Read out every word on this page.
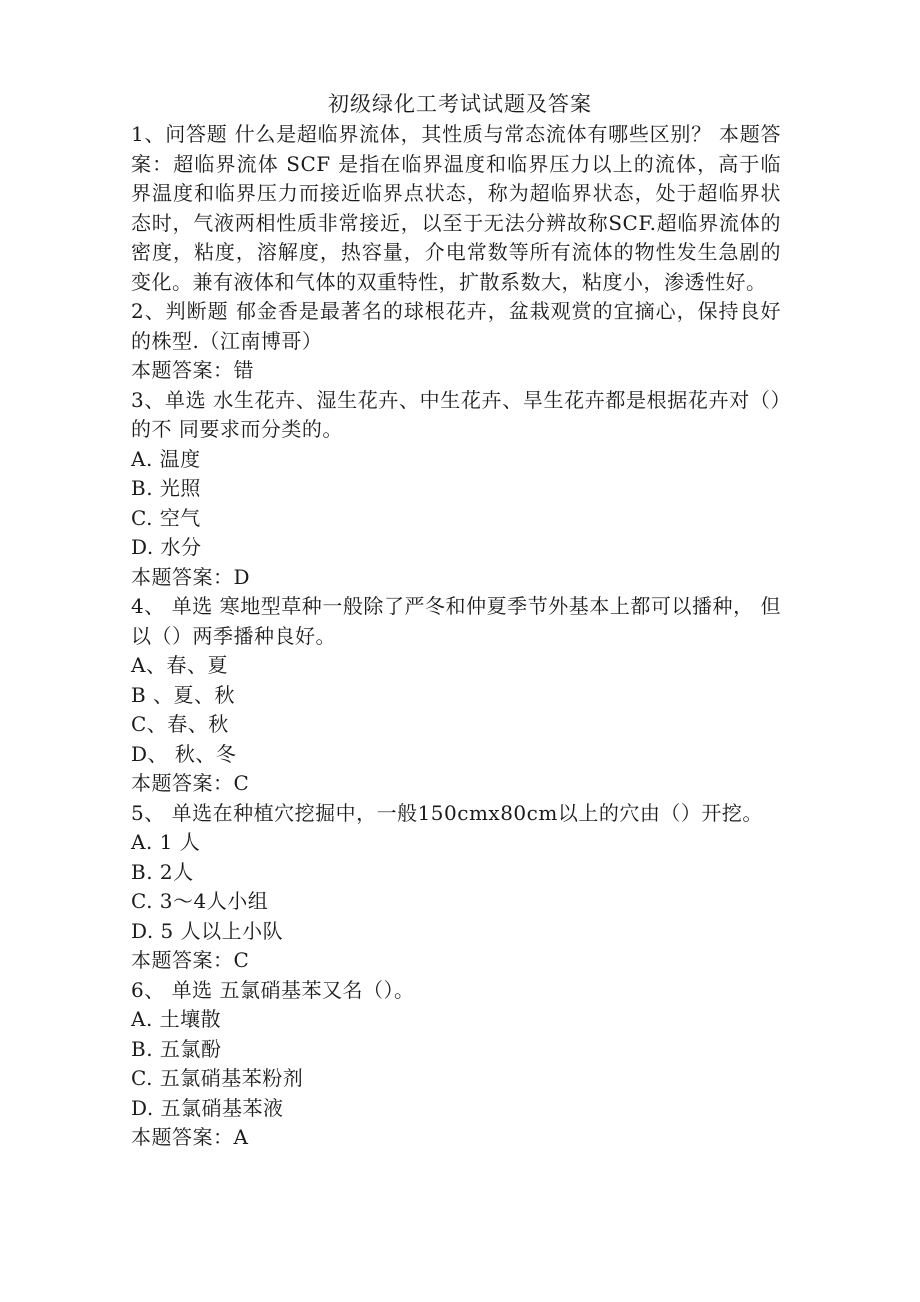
初级绿化工考试试题及答案
1、问答题 什么是超临界流体，其性质与常态流体有哪些区别？ 本题答案：超临界流体 SCF 是指在临界温度和临界压力以上的流体，高于临界温度和临界压力而接近临界点状态，称为超临界状态，处于超临界状态时，气液两相性质非常接近，以至于无法分辨故称SCF.超临界流体的密度，粘度，溶解度，热容量，介电常数等所有流体的物性发生急剧的变化。兼有液体和气体的双重特性，扩散系数大，粘度小，渗透性好。
2、判断题 郁金香是最著名的球根花卉，盆栽观赏的宜摘心，保持良好的株型.（江南博哥）
本题答案：错
3、单选 水生花卉、湿生花卉、中生花卉、旱生花卉都是根据花卉对（）的不 同要求而分类的。
A. 温度
B. 光照
C. 空气
D. 水分
本题答案：D
4、 单选 寒地型草种一般除了严冬和仲夏季节外基本上都可以播种， 但以（）两季播种良好。
A、春、夏
B 、夏、秋
C、春、秋
D、 秋、冬
本题答案：C
5、 单选在种植穴挖掘中，一般150cmx80cm以上的穴由（）开挖。
A. 1 人
B. 2人
C. 3～4人小组
D. 5 人以上小队
本题答案：C
6、 单选 五氯硝基苯又名（）。
A. 土壤散
B. 五氯酚
C. 五氯硝基苯粉剂
D. 五氯硝基苯液
本题答案：A
